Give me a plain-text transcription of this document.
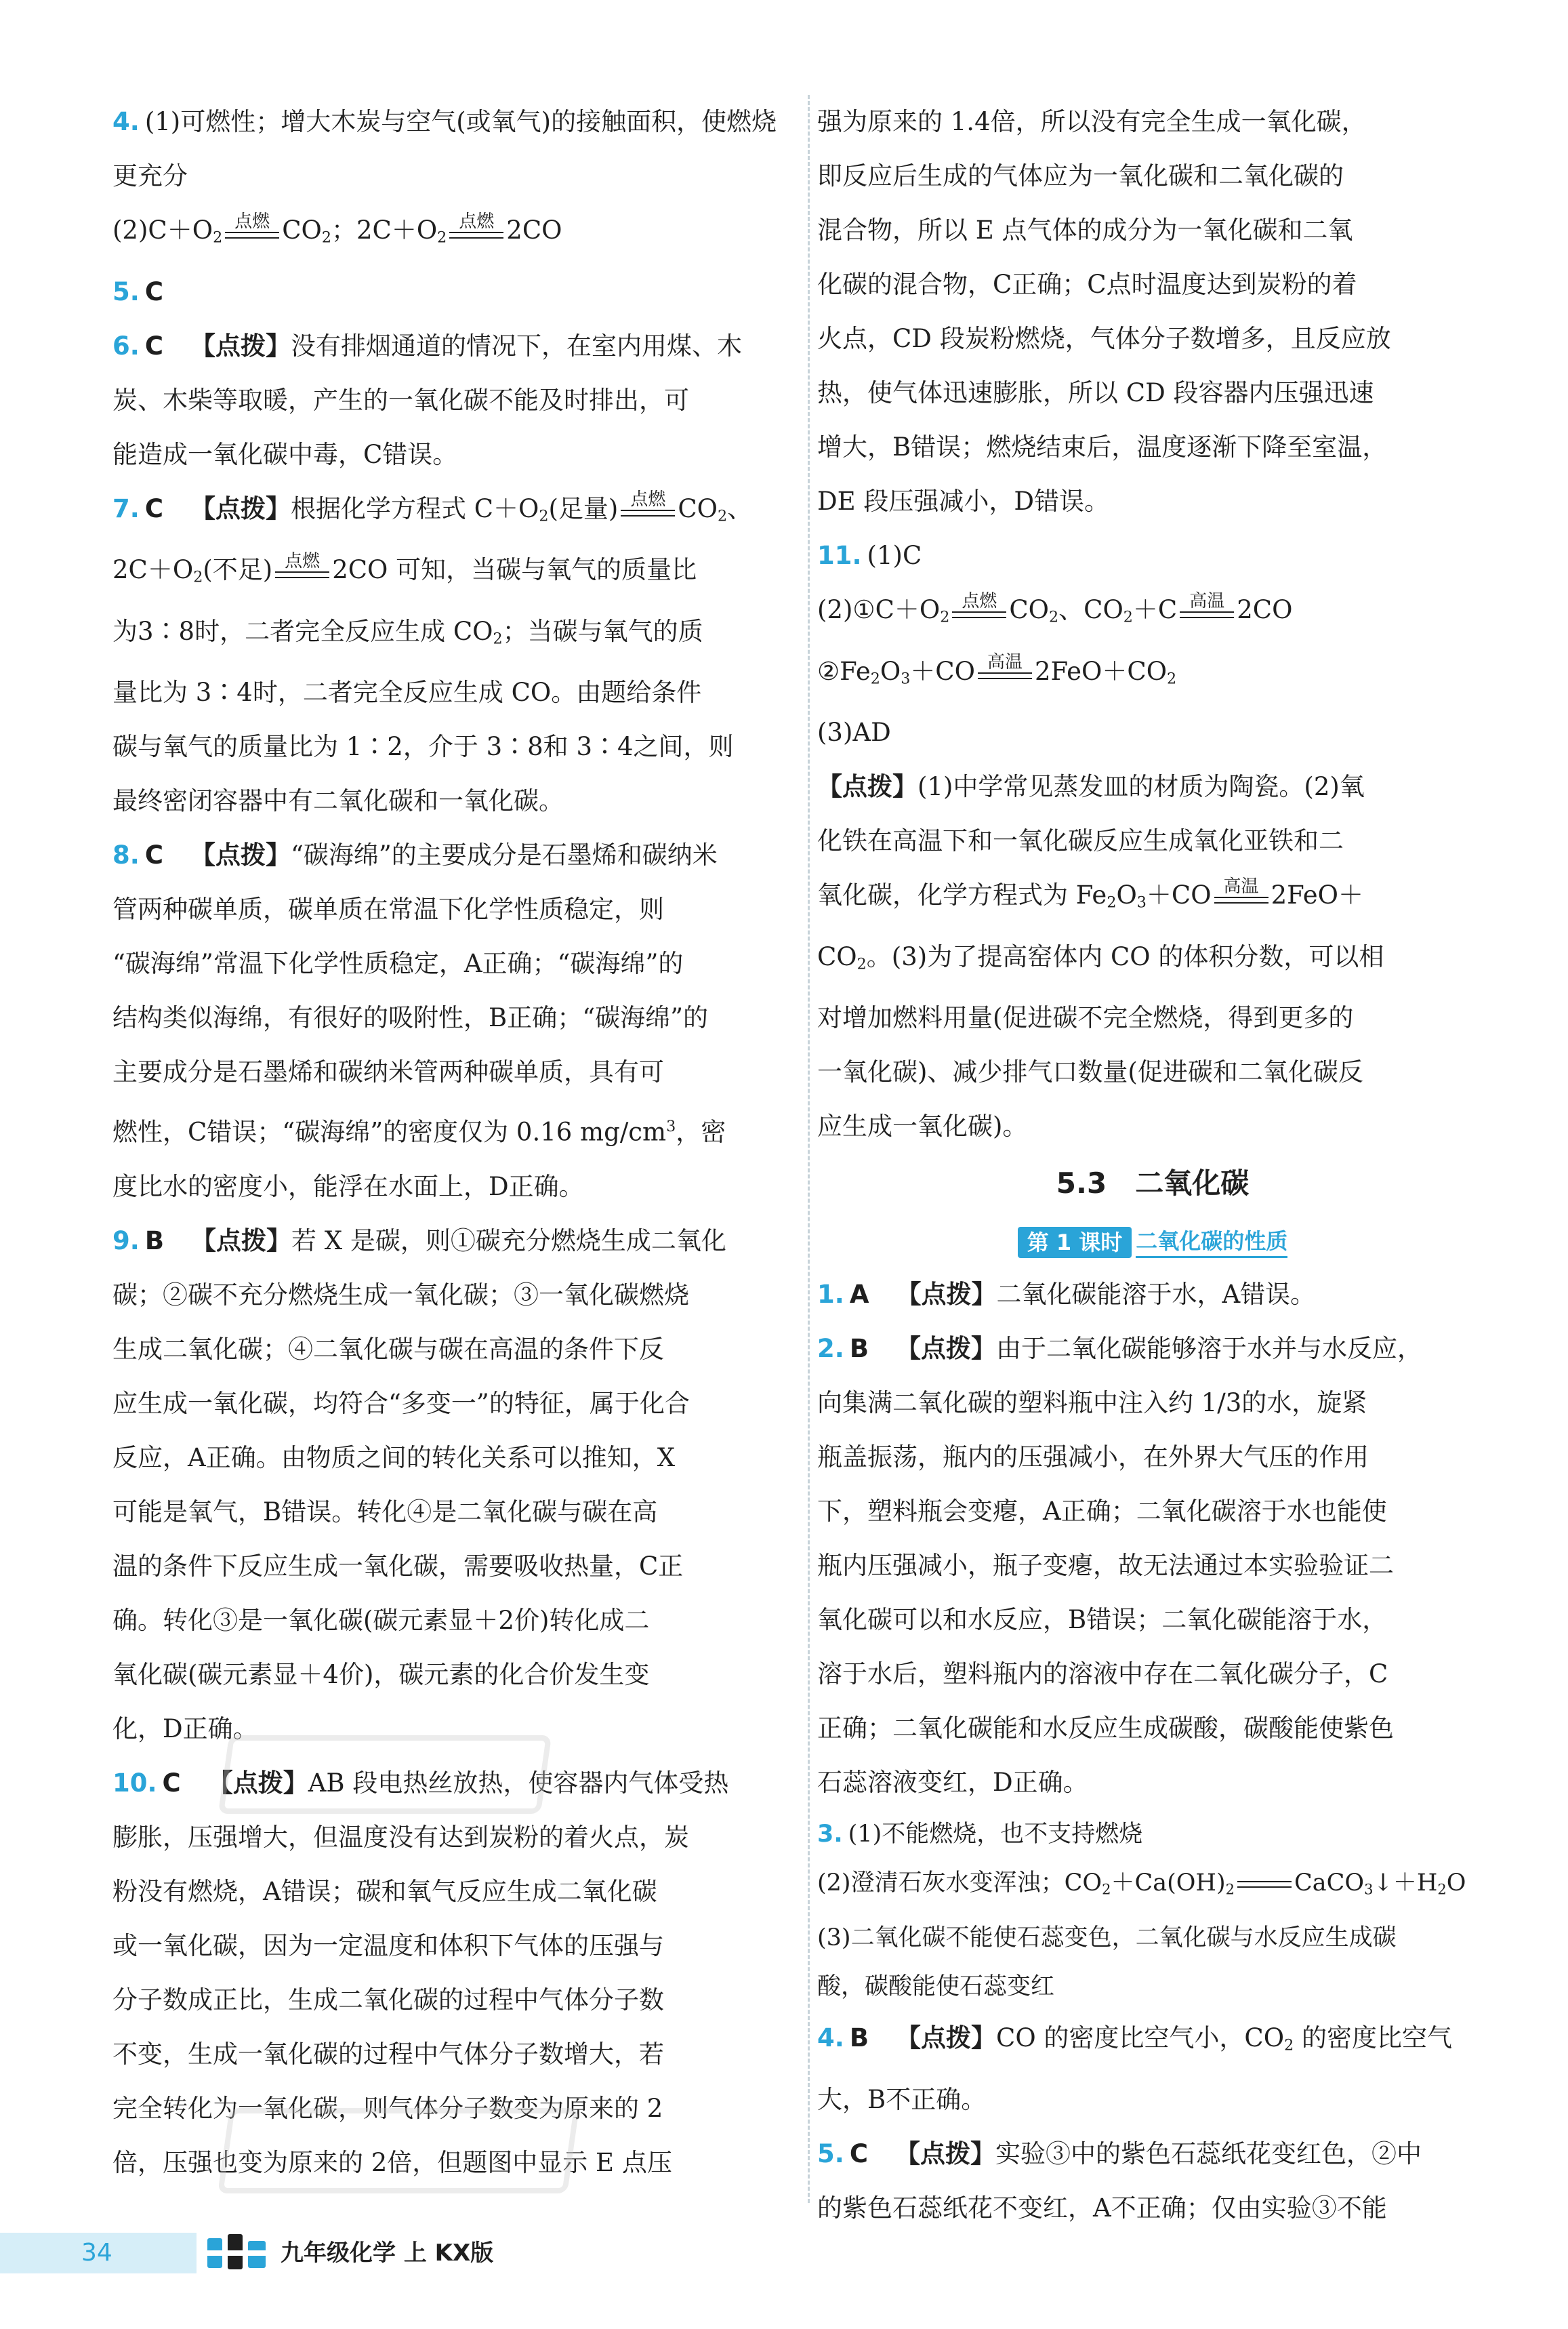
4. (1)可燃性；增大木炭与空气(或氧气)的接触面积，使燃烧
更充分
$(2)C+O_2$
点燃 $CO_2$；$2C+O_2$
点燃 2CO
5. C
6. C 【点拨】没有排烟通道的情况下，在室内用煤、木
炭、木柴等取暖，产生的一氧化碳不能及时排出，可
能造成一氧化碳中毒，C错误。
7. C 【点拨】根据化学方程式 $C+O_2$(足量) 点燃 $CO_2$、
$2C+O_2$(不足) 点燃 2CO 可知，当碳与氧气的质量比
为3∶8时，二者完全反应生成 $CO_2$；当碳与氧气的质
量比为 3∶4时，二者完全反应生成 CO。由题给条件
碳与氧气的质量比为 1∶2，介于 3∶8和 3∶4之间，则
最终密闭容器中有二氧化碳和一氧化碳。
8. C 【点拨】“碳海绵”的主要成分是石墨烯和碳纳米
管两种碳单质，碳单质在常温下化学性质稳定，则
“碳海绵”常温下化学性质稳定，A正确；“碳海绵”的
结构类似海绵，有很好的吸附性，B正确；“碳海绵”的
主要成分是石墨烯和碳纳米管两种碳单质，具有可
燃性，C错误；“碳海绵”的密度仅为 0.16 $mg/cm^3$，密
度比水的密度小，能浮在水面上，D正确。
9. B 【点拨】若 X 是碳，则①碳充分燃烧生成二氧化
碳；②碳不充分燃烧生成一氧化碳；③一氧化碳燃烧
生成二氧化碳；④二氧化碳与碳在高温的条件下反
应生成一氧化碳，均符合“多变一”的特征，属于化合
反应，A正确。由物质之间的转化关系可以推知，X
可能是氧气，B错误。转化④是二氧化碳与碳在高
温的条件下反应生成一氧化碳，需要吸收热量，C正
确。转化③是一氧化碳(碳元素显＋2价)转化成二
氧化碳(碳元素显＋4价)，碳元素的化合价发生变
化，D正确。
10. C 【点拨】AB 段电热丝放热，使容器内气体受热
膨胀，压强增大，但温度没有达到炭粉的着火点，炭
粉没有燃烧，A错误；碳和氧气反应生成二氧化碳
或一氧化碳，因为一定温度和体积下气体的压强与
分子数成正比，生成二氧化碳的过程中气体分子数
不变，生成一氧化碳的过程中气体分子数增大，若
完全转化为一氧化碳，则气体分子数变为原来的 2
倍，压强也变为原来的 2倍，但题图中显示 E 点压
强为原来的 1.4倍，所以没有完全生成一氧化碳，
即反应后生成的气体应为一氧化碳和二氧化碳的
混合物，所以 E 点气体的成分为一氧化碳和二氧
化碳的混合物，C正确；C点时温度达到炭粉的着
火点，CD 段炭粉燃烧，气体分子数增多，且反应放
热，使气体迅速膨胀，所以 CD 段容器内压强迅速
增大，B错误；燃烧结束后，温度逐渐下降至室温，
DE 段压强减小，D错误。
11. (1)C
$(2)①C+O_2$
点燃 $CO_2$、$CO_2+C$ 高温 2CO
$②Fe_2O_3+CO$ 高温 $2FeO+CO_2$
(3)AD
【点拨】(1)中学常见蒸发皿的材质为陶瓷。(2)氧
化铁在高温下和一氧化碳反应生成氧化亚铁和二
氧化碳，化学方程式为 $Fe_2O_3+CO$ 高温 2FeO＋
$CO_2$。(3)为了提高窑体内 CO 的体积分数，可以相
对增加燃料用量(促进碳不完全燃烧，得到更多的
一氧化碳)、减少排气口数量(促进碳和二氧化碳反
应生成一氧化碳)。
5.3　二氧化碳
第 1 课时 二氧化碳的性质
1. A 【点拨】二氧化碳能溶于水，A错误。
2. B 【点拨】由于二氧化碳能够溶于水并与水反应，
向集满二氧化碳的塑料瓶中注入约 1/3的水，旋紧
瓶盖振荡，瓶内的压强减小，在外界大气压的作用
下，塑料瓶会变瘪，A正确；二氧化碳溶于水也能使
瓶内压强减小，瓶子变瘪，故无法通过本实验验证二
氧化碳可以和水反应，B错误；二氧化碳能溶于水，
溶于水后，塑料瓶内的溶液中存在二氧化碳分子，C
正确；二氧化碳能和水反应生成碳酸，碳酸能使紫色
石蕊溶液变红，D正确。
3. (1)不能燃烧，也不支持燃烧
(2)澄清石灰水变浑浊；$CO_2+Ca(OH)_2$	$CaCO_3↓+H_2O$
(3)二氧化碳不能使石蕊变色，二氧化碳与水反应生成碳
酸，碳酸能使石蕊变红
4. B 【点拨】CO 的密度比空气小，$CO_2$ 的密度比空气
大，B不正确。
5. C 【点拨】实验③中的紫色石蕊纸花变红色，②中
的紫色石蕊纸花不变红，A不正确；仅由实验③不能
34	九年级化学 上 KX版
